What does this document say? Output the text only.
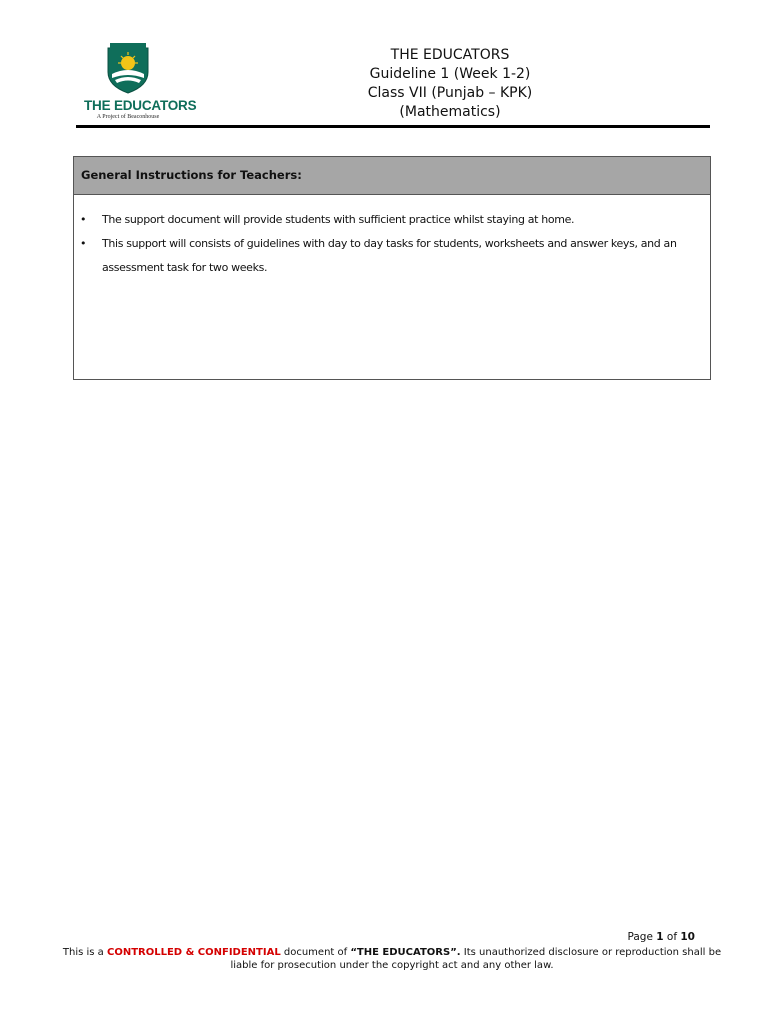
THE EDUCATORS
A Project of Beaconhouse
THE EDUCATORS
Guideline 1 (Week 1-2)
Class VII (Punjab – KPK)
(Mathematics)
General Instructions for Teachers:
• The support document will provide students with sufficient practice whilst staying at home.
• This support will consists of guidelines with day to day tasks for students, worksheets and answer keys, and an assessment task for two weeks.
Page 1 of 10
This is a CONTROLLED & CONFIDENTIAL document of “THE EDUCATORS”. Its unauthorized disclosure or reproduction shall be liable for prosecution under the copyright act and any other law.
